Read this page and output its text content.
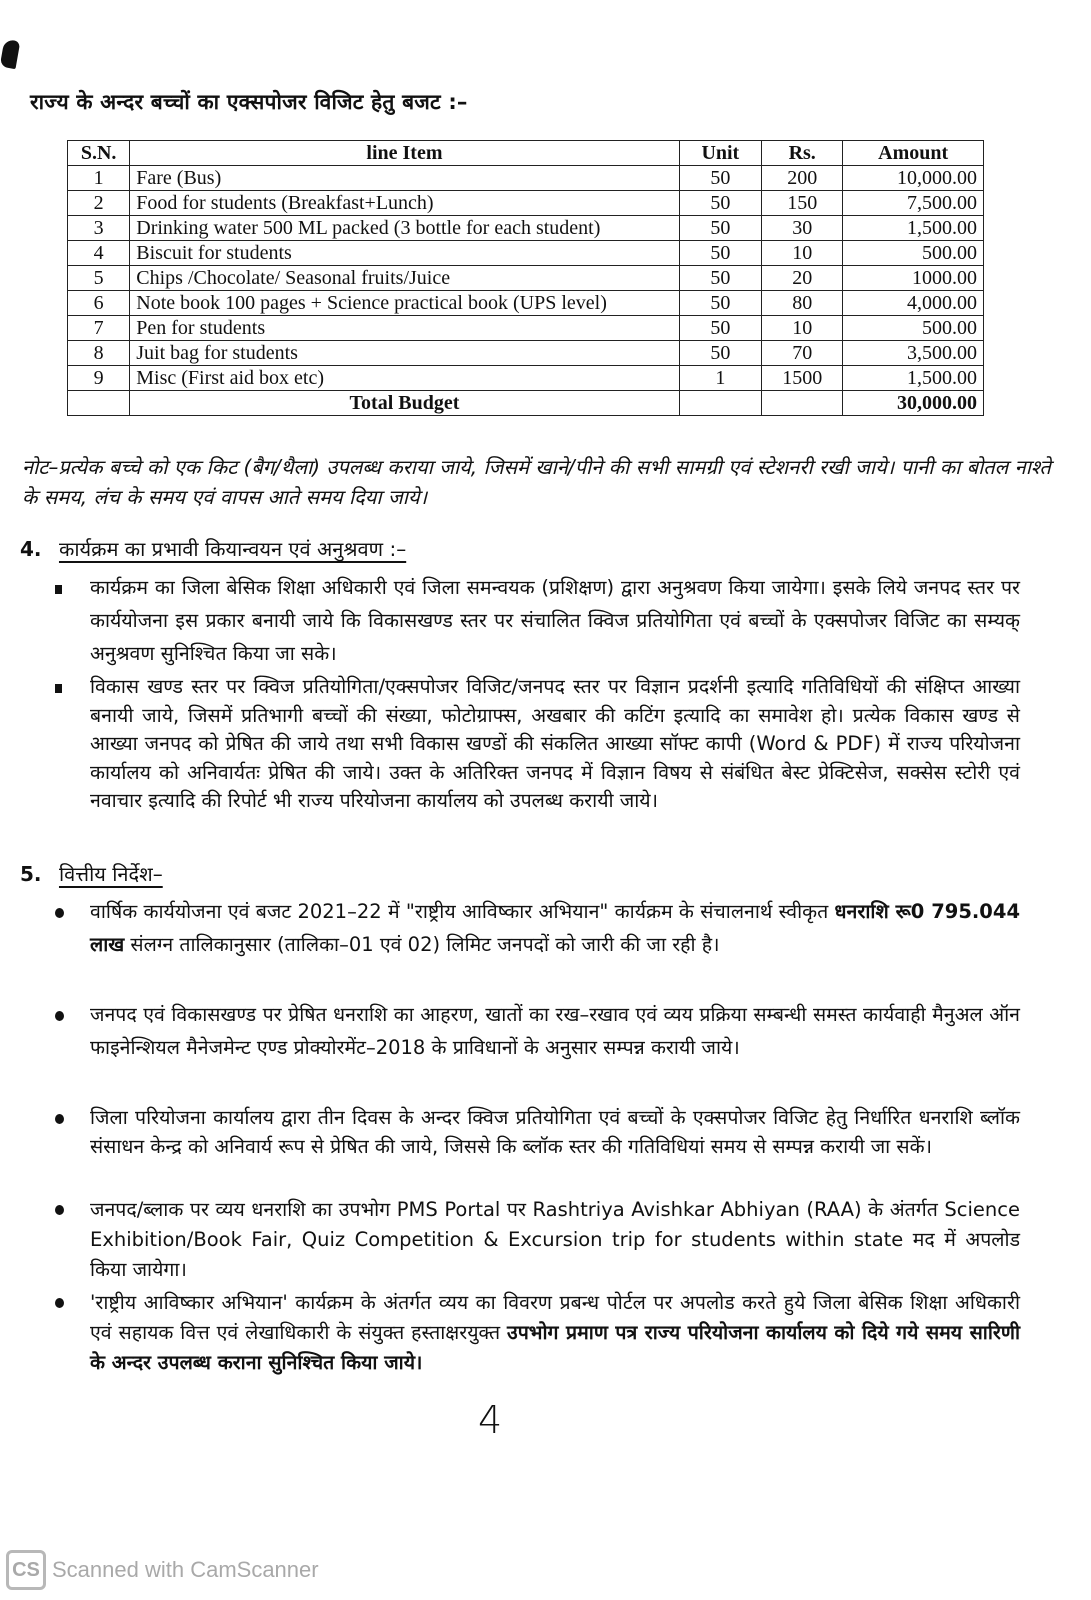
राज्य के अन्दर बच्चों का एक्सपोजर विजिट हेतु बजट :–
S.N.	line Item	Unit	Rs.	Amount
1	Fare (Bus)	50	200	10,000.00
2	Food for students (Breakfast+Lunch)	50	150	7,500.00
3	Drinking water 500 ML packed (3 bottle for each student)	50	30	1,500.00
4	Biscuit for students	50	10	500.00
5	Chips /Chocolate/ Seasonal fruits/Juice	50	20	1000.00
6	Note book 100 pages + Science practical book (UPS level)	50	80	4,000.00
7	Pen for students	50	10	500.00
8	Juit bag for students	50	70	3,500.00
9	Misc (First aid box etc)	1	1500	1,500.00
	Total Budget			30,000.00
नोट–प्रत्येक बच्चे को एक किट (बैग/थैला) उपलब्ध कराया जाये, जिसमें खाने/पीने की सभी सामग्री एवं स्टेशनरी रखी जाये। पानी का बोतल नाश्ते के समय, लंच के समय एवं वापस आते समय दिया जाये।
4. कार्यक्रम का प्रभावी कियान्वयन एवं अनुश्रवण :–
कार्यक्रम का जिला बेसिक शिक्षा अधिकारी एवं जिला समन्वयक (प्रशिक्षण) द्वारा अनुश्रवण किया जायेगा। इसके लिये जनपद स्तर पर कार्ययोजना इस प्रकार बनायी जाये कि विकासखण्ड स्तर पर संचालित क्विज प्रतियोगिता एवं बच्चों के एक्सपोजर विजिट का सम्यक् अनुश्रवण सुनिश्चित किया जा सके।
विकास खण्ड स्तर पर क्विज प्रतियोगिता/एक्सपोजर विजिट/जनपद स्तर पर विज्ञान प्रदर्शनी इत्यादि गतिविधियों की संक्षिप्त आख्या बनायी जाये, जिसमें प्रतिभागी बच्चों की संख्या, फोटोग्राफ्स, अखबार की कटिंग इत्यादि का समावेश हो। प्रत्येक विकास खण्ड से आख्या जनपद को प्रेषित की जाये तथा सभी विकास खण्डों की संकलित आख्या सॉफ्ट कापी (Word & PDF) में राज्य परियोजना कार्यालय को अनिवार्यतः प्रेषित की जाये। उक्त के अतिरिक्त जनपद में विज्ञान विषय से संबंधित बेस्ट प्रेक्टिसेज, सक्सेस स्टोरी एवं नवाचार इत्यादि की रिपोर्ट भी राज्य परियोजना कार्यालय को उपलब्ध करायी जाये।
5. वित्तीय निर्देश–
वार्षिक कार्ययोजना एवं बजट 2021–22 में "राष्ट्रीय आविष्कार अभियान" कार्यक्रम के संचालनार्थ स्वीकृत धनराशि रू0 795.044 लाख संलग्न तालिकानुसार (तालिका–01 एवं 02) लिमिट जनपदों को जारी की जा रही है।
जनपद एवं विकासखण्ड पर प्रेषित धनराशि का आहरण, खातों का रख–रखाव एवं व्यय प्रक्रिया सम्बन्धी समस्त कार्यवाही मैनुअल ऑन फाइनेन्शियल मैनेजमेन्ट एण्ड प्रोक्योरमेंट–2018 के प्राविधानों के अनुसार सम्पन्न करायी जाये।
जिला परियोजना कार्यालय द्वारा तीन दिवस के अन्दर क्विज प्रतियोगिता एवं बच्चों के एक्सपोजर विजिट हेतु निर्धारित धनराशि ब्लॉक संसाधन केन्द्र को अनिवार्य रूप से प्रेषित की जाये, जिससे कि ब्लॉक स्तर की गतिविधियां समय से सम्पन्न करायी जा सकें।
जनपद/ब्लाक पर व्यय धनराशि का उपभोग PMS Portal पर Rashtriya Avishkar Abhiyan (RAA) के अंतर्गत Science Exhibition/Book Fair, Quiz Competition & Excursion trip for students within state मद में अपलोड किया जायेगा।
'राष्ट्रीय आविष्कार अभियान' कार्यक्रम के अंतर्गत व्यय का विवरण प्रबन्ध पोर्टल पर अपलोड करते हुये जिला बेसिक शिक्षा अधिकारी एवं सहायक वित्त एवं लेखाधिकारी के संयुक्त हस्ताक्षरयुक्त उपभोग प्रमाण पत्र राज्य परियोजना कार्यालय को दिये गये समय सारिणी के अन्दर उपलब्ध कराना सुनिश्चित किया जाये।
4
CS Scanned with CamScanner
